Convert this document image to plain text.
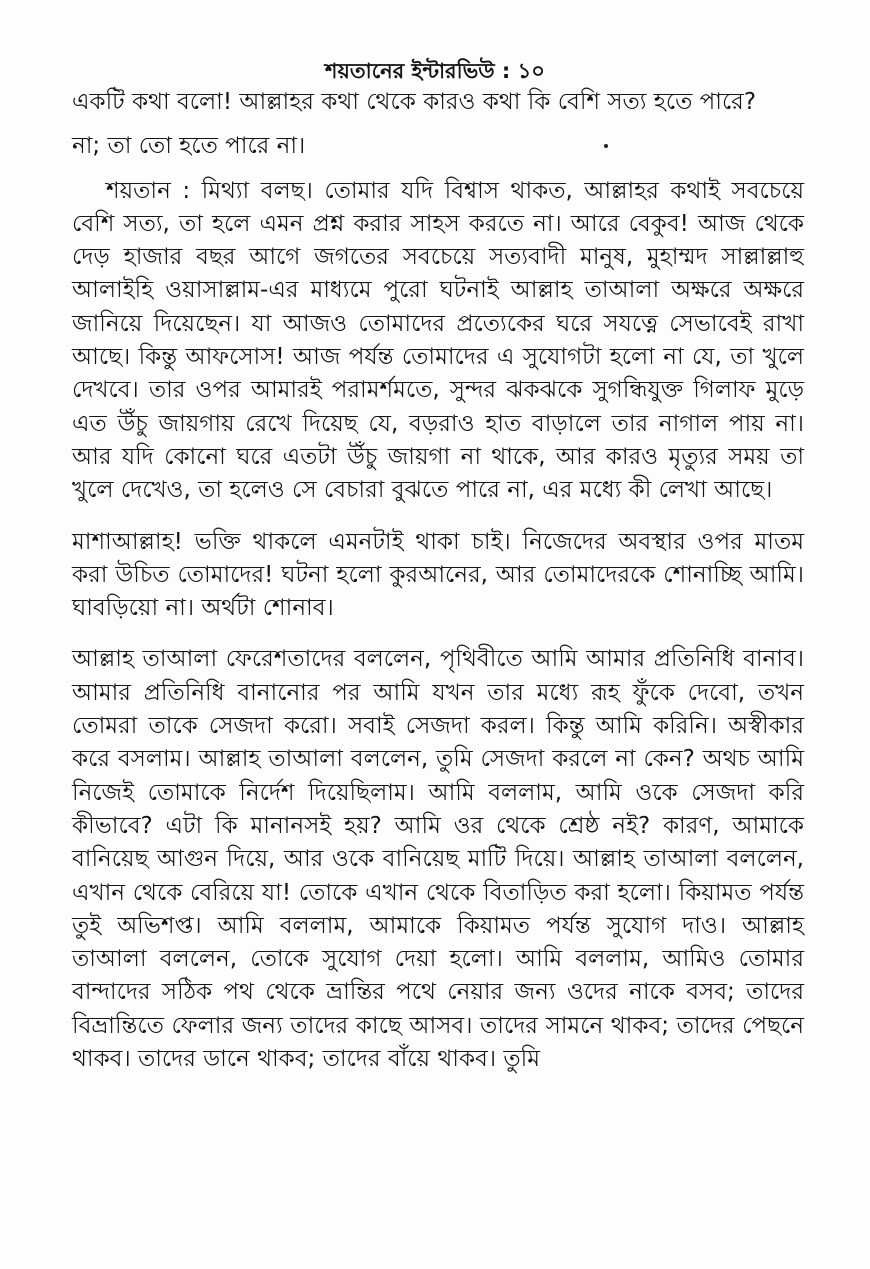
শয়তানের ইন্টারভিউ : ১০

একটি কথা বলো! আল্লাহর কথা থেকে কারও কথা কি বেশি সত্য হতে পারে?

না; তা তো হতে পারে না।

শয়তান : মিথ্যা বলছ। তোমার যদি বিশ্বাস থাকত, আল্লাহর কথাই সবচেয়ে বেশি সত্য, তা হলে এমন প্রশ্ন করার সাহস করতে না। আরে বেকুব! আজ থেকে দেড় হাজার বছর আগে জগতের সবচেয়ে সত্যবাদী মানুষ, মুহাম্মদ সাল্লাল্লাহু আলাইহি ওয়াসাল্লাম-এর মাধ্যমে পুরো ঘটনাই আল্লাহ তাআলা অক্ষরে অক্ষরে জানিয়ে দিয়েছেন। যা আজও তোমাদের প্রত্যেকের ঘরে সযত্নে সেভাবেই রাখা আছে। কিন্তু আফসোস! আজ পর্যন্ত তোমাদের এ সুযোগটা হলো না যে, তা খুলে দেখবে। তার ওপর আমারই পরামর্শমতে, সুন্দর ঝকঝকে সুগন্ধিযুক্ত গিলাফ মুড়ে এত উঁচু জায়গায় রেখে দিয়েছ যে, বড়রাও হাত বাড়ালে তার নাগাল পায় না। আর যদি কোনো ঘরে এতটা উঁচু জায়গা না থাকে, আর কারও মৃত্যুর সময় তা খুলে দেখেও, তা হলেও সে বেচারা বুঝতে পারে না, এর মধ্যে কী লেখা আছে।

মাশাআল্লাহ! ভক্তি থাকলে এমনটাই থাকা চাই। নিজেদের অবস্থার ওপর মাতম করা উচিত তোমাদের! ঘটনা হলো কুরআনের, আর তোমাদেরকে শোনাচ্ছি আমি। ঘাবড়িয়ো না। অর্থটা শোনাব।

আল্লাহ তাআলা ফেরেশতাদের বললেন, পৃথিবীতে আমি আমার প্রতিনিধি বানাব। আমার প্রতিনিধি বানানোর পর আমি যখন তার মধ্যে রূহ ফুঁকে দেবো, তখন তোমরা তাকে সেজদা করো। সবাই সেজদা করল। কিন্তু আমি করিনি। অস্বীকার করে বসলাম। আল্লাহ তাআলা বললেন, তুমি সেজদা করলে না কেন? অথচ আমি নিজেই তোমাকে নির্দেশ দিয়েছিলাম। আমি বললাম, আমি ওকে সেজদা করি কীভাবে? এটা কি মানানসই হয়? আমি ওর থেকে শ্রেষ্ঠ নই? কারণ, আমাকে বানিয়েছ আগুন দিয়ে, আর ওকে বানিয়েছ মাটি দিয়ে। আল্লাহ তাআলা বললেন, এখান থেকে বেরিয়ে যা! তোকে এখান থেকে বিতাড়িত করা হলো। কিয়ামত পর্যন্ত তুই অভিশপ্ত। আমি বললাম, আমাকে কিয়ামত পর্যন্ত সুযোগ দাও। আল্লাহ তাআলা বললেন, তোকে সুযোগ দেয়া হলো। আমি বললাম, আমিও তোমার বান্দাদের সঠিক পথ থেকে ভ্রান্তির পথে নেয়ার জন্য ওদের নাকে বসব; তাদের বিভ্রান্তিতে ফেলার জন্য তাদের কাছে আসব। তাদের সামনে থাকব; তাদের পেছনে থাকব। তাদের ডানে থাকব; তাদের বাঁয়ে থাকব। তুমি
